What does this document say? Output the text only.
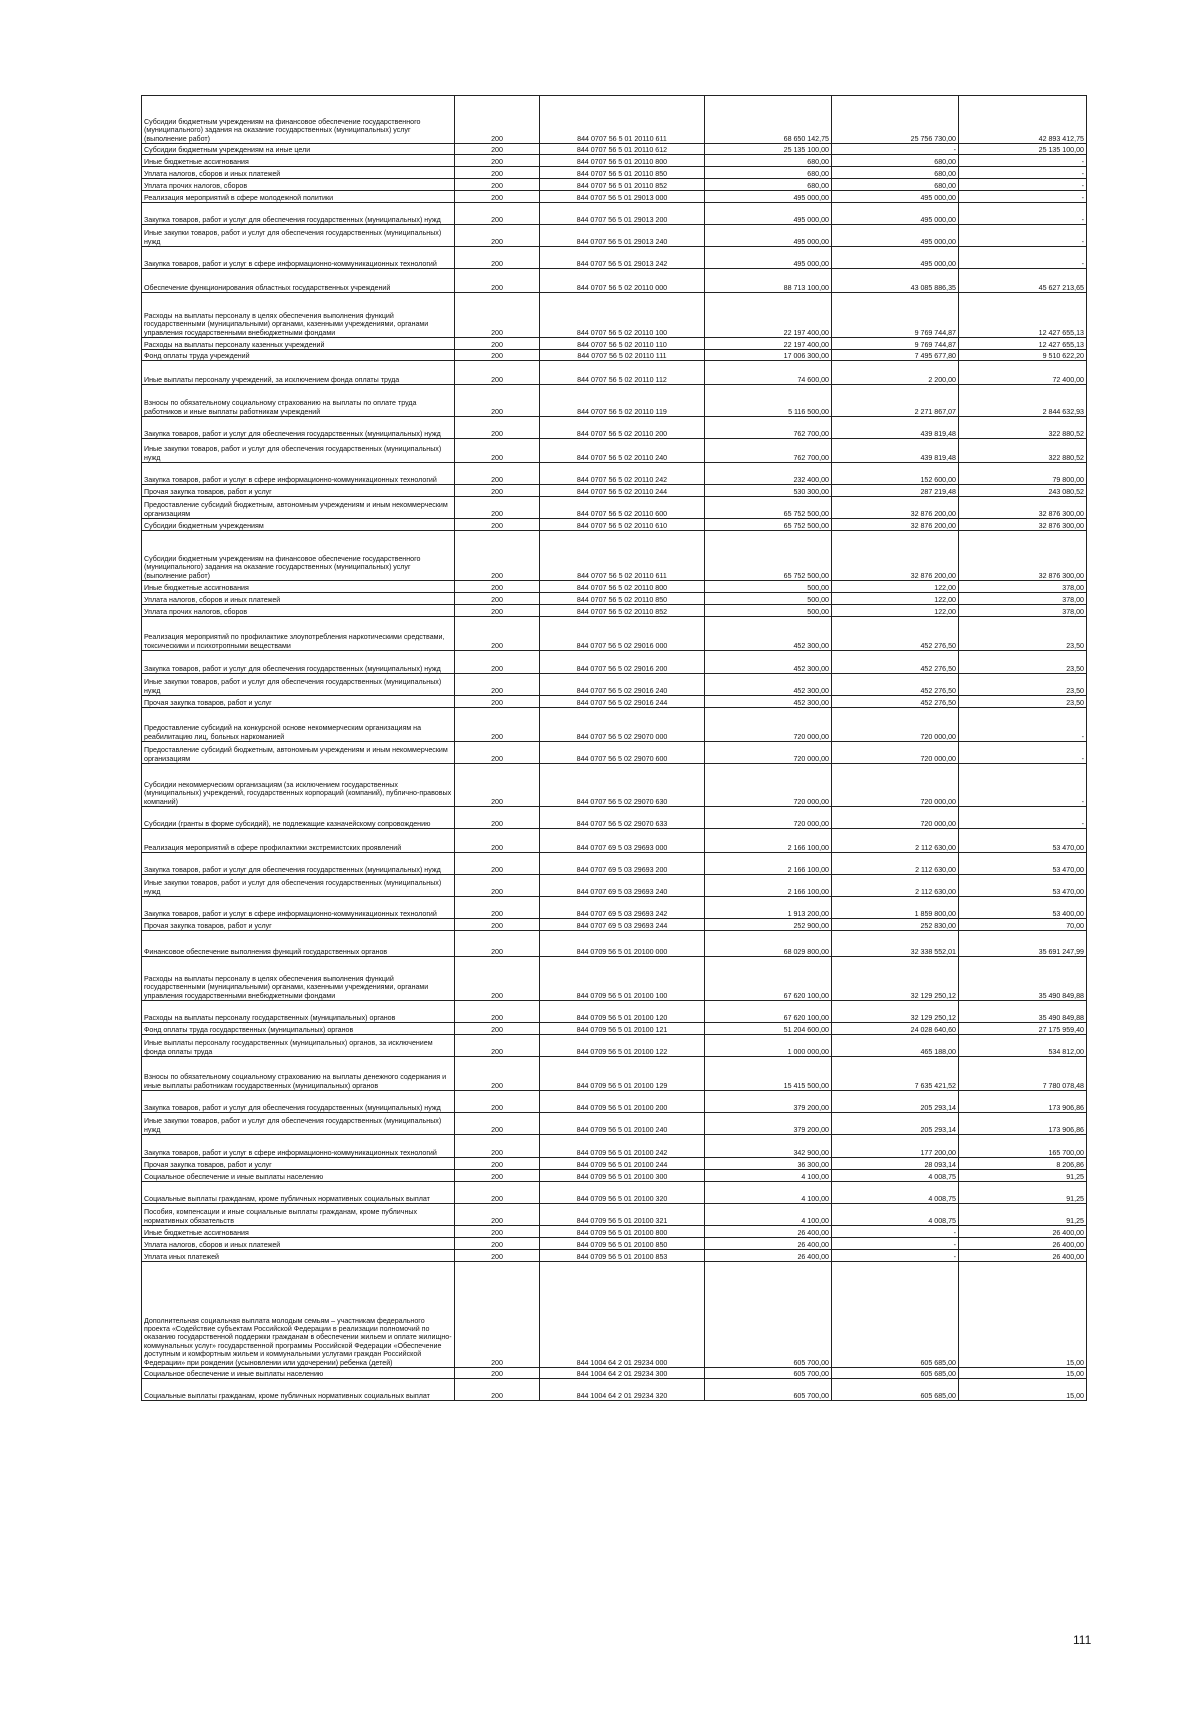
Субсидии бюджетным учреждениям на финансовое обеспечение государственного (муниципального) задания на оказание государственных (муниципальных) услуг (выполнение работ)	200	844 0707 56 5 01 20110 611	68 650 142,75	25 756 730,00	42 893 412,75
Субсидии бюджетным учреждениям на иные цели	200	844 0707 56 5 01 20110 612	25 135 100,00	-	25 135 100,00
Иные бюджетные ассигнования	200	844 0707 56 5 01 20110 800	680,00	680,00	-
Уплата налогов, сборов и иных платежей	200	844 0707 56 5 01 20110 850	680,00	680,00	-
Уплата прочих налогов, сборов	200	844 0707 56 5 01 20110 852	680,00	680,00	-
Реализация мероприятий в сфере молодежной политики	200	844 0707 56 5 01 29013 000	495 000,00	495 000,00	-
Закупка товаров, работ и услуг для обеспечения государственных (муниципальных) нужд	200	844 0707 56 5 01 29013 200	495 000,00	495 000,00	-
Иные закупки товаров, работ и услуг для обеспечения государственных (муниципальных) нужд	200	844 0707 56 5 01 29013 240	495 000,00	495 000,00	-
Закупка товаров, работ и услуг в сфере информационно-коммуникационных технологий	200	844 0707 56 5 01 29013 242	495 000,00	495 000,00	-
Обеспечение функционирования областных государственных учреждений	200	844 0707 56 5 02 20110 000	88 713 100,00	43 085 886,35	45 627 213,65
Расходы на выплаты персоналу в целях обеспечения выполнения функций государственными (муниципальными) органами, казенными учреждениями, органами управления государственными внебюджетными фондами	200	844 0707 56 5 02 20110 100	22 197 400,00	9 769 744,87	12 427 655,13
Расходы на выплаты персоналу казенных учреждений	200	844 0707 56 5 02 20110 110	22 197 400,00	9 769 744,87	12 427 655,13
Фонд оплаты труда учреждений	200	844 0707 56 5 02 20110 111	17 006 300,00	7 495 677,80	9 510 622,20
Иные выплаты персоналу учреждений, за исключением фонда оплаты труда	200	844 0707 56 5 02 20110 112	74 600,00	2 200,00	72 400,00
Взносы по обязательному социальному страхованию на выплаты по оплате труда работников и иные выплаты работникам учреждений	200	844 0707 56 5 02 20110 119	5 116 500,00	2 271 867,07	2 844 632,93
Закупка товаров, работ и услуг для обеспечения государственных (муниципальных) нужд	200	844 0707 56 5 02 20110 200	762 700,00	439 819,48	322 880,52
Иные закупки товаров, работ и услуг для обеспечения государственных (муниципальных) нужд	200	844 0707 56 5 02 20110 240	762 700,00	439 819,48	322 880,52
Закупка товаров, работ и услуг в сфере информационно-коммуникационных технологий	200	844 0707 56 5 02 20110 242	232 400,00	152 600,00	79 800,00
Прочая закупка товаров, работ и услуг	200	844 0707 56 5 02 20110 244	530 300,00	287 219,48	243 080,52
Предоставление субсидий бюджетным, автономным учреждениям и иным некоммерческим организациям	200	844 0707 56 5 02 20110 600	65 752 500,00	32 876 200,00	32 876 300,00
Субсидии бюджетным учреждениям	200	844 0707 56 5 02 20110 610	65 752 500,00	32 876 200,00	32 876 300,00
Субсидии бюджетным учреждениям на финансовое обеспечение государственного (муниципального) задания на оказание государственных (муниципальных) услуг (выполнение работ)	200	844 0707 56 5 02 20110 611	65 752 500,00	32 876 200,00	32 876 300,00
Иные бюджетные ассигнования	200	844 0707 56 5 02 20110 800	500,00	122,00	378,00
Уплата налогов, сборов и иных платежей	200	844 0707 56 5 02 20110 850	500,00	122,00	378,00
Уплата прочих налогов, сборов	200	844 0707 56 5 02 20110 852	500,00	122,00	378,00
Реализация мероприятий по профилактике злоупотребления наркотическими средствами, токсическими и психотропными веществами	200	844 0707 56 5 02 29016 000	452 300,00	452 276,50	23,50
Закупка товаров, работ и услуг для обеспечения государственных (муниципальных) нужд	200	844 0707 56 5 02 29016 200	452 300,00	452 276,50	23,50
Иные закупки товаров, работ и услуг для обеспечения государственных (муниципальных) нужд	200	844 0707 56 5 02 29016 240	452 300,00	452 276,50	23,50
Прочая закупка товаров, работ и услуг	200	844 0707 56 5 02 29016 244	452 300,00	452 276,50	23,50
Предоставление субсидий на конкурсной основе некоммерческим организациям на реабилитацию лиц, больных наркоманией	200	844 0707 56 5 02 29070 000	720 000,00	720 000,00	-
Предоставление субсидий бюджетным, автономным учреждениям и иным некоммерческим организациям	200	844 0707 56 5 02 29070 600	720 000,00	720 000,00	-
Субсидии некоммерческим организациям (за исключением государственных (муниципальных) учреждений, государственных корпораций (компаний), публично-правовых компаний)	200	844 0707 56 5 02 29070 630	720 000,00	720 000,00	-
Субсидии (гранты в форме субсидий), не подлежащие казначейскому сопровождению	200	844 0707 56 5 02 29070 633	720 000,00	720 000,00	-
Реализация мероприятий в сфере профилактики экстремистских проявлений	200	844 0707 69 5 03 29693 000	2 166 100,00	2 112 630,00	53 470,00
Закупка товаров, работ и услуг для обеспечения государственных (муниципальных) нужд	200	844 0707 69 5 03 29693 200	2 166 100,00	2 112 630,00	53 470,00
Иные закупки товаров, работ и услуг для обеспечения государственных (муниципальных) нужд	200	844 0707 69 5 03 29693 240	2 166 100,00	2 112 630,00	53 470,00
Закупка товаров, работ и услуг в сфере информационно-коммуникационных технологий	200	844 0707 69 5 03 29693 242	1 913 200,00	1 859 800,00	53 400,00
Прочая закупка товаров, работ и услуг	200	844 0707 69 5 03 29693 244	252 900,00	252 830,00	70,00
Финансовое обеспечение выполнения функций государственных органов	200	844 0709 56 5 01 20100 000	68 029 800,00	32 338 552,01	35 691 247,99
Расходы на выплаты персоналу в целях обеспечения выполнения функций государственными (муниципальными) органами, казенными учреждениями, органами управления государственными внебюджетными фондами	200	844 0709 56 5 01 20100 100	67 620 100,00	32 129 250,12	35 490 849,88
Расходы на выплаты персоналу государственных (муниципальных) органов	200	844 0709 56 5 01 20100 120	67 620 100,00	32 129 250,12	35 490 849,88
Фонд оплаты труда государственных (муниципальных) органов	200	844 0709 56 5 01 20100 121	51 204 600,00	24 028 640,60	27 175 959,40
Иные выплаты персоналу государственных (муниципальных) органов, за исключением фонда оплаты труда	200	844 0709 56 5 01 20100 122	1 000 000,00	465 188,00	534 812,00
Взносы по обязательному социальному страхованию на выплаты денежного содержания и иные выплаты работникам государственных (муниципальных) органов	200	844 0709 56 5 01 20100 129	15 415 500,00	7 635 421,52	7 780 078,48
Закупка товаров, работ и услуг для обеспечения государственных (муниципальных) нужд	200	844 0709 56 5 01 20100 200	379 200,00	205 293,14	173 906,86
Иные закупки товаров, работ и услуг для обеспечения государственных (муниципальных) нужд	200	844 0709 56 5 01 20100 240	379 200,00	205 293,14	173 906,86
Закупка товаров, работ и услуг в сфере информационно-коммуникационных технологий	200	844 0709 56 5 01 20100 242	342 900,00	177 200,00	165 700,00
Прочая закупка товаров, работ и услуг	200	844 0709 56 5 01 20100 244	36 300,00	28 093,14	8 206,86
Социальное обеспечение и иные выплаты населению	200	844 0709 56 5 01 20100 300	4 100,00	4 008,75	91,25
Социальные выплаты гражданам, кроме публичных нормативных социальных выплат	200	844 0709 56 5 01 20100 320	4 100,00	4 008,75	91,25
Пособия, компенсации и иные социальные выплаты гражданам, кроме публичных нормативных обязательств	200	844 0709 56 5 01 20100 321	4 100,00	4 008,75	91,25
Иные бюджетные ассигнования	200	844 0709 56 5 01 20100 800	26 400,00	-	26 400,00
Уплата налогов, сборов и иных платежей	200	844 0709 56 5 01 20100 850	26 400,00	-	26 400,00
Уплата иных платежей	200	844 0709 56 5 01 20100 853	26 400,00	-	26 400,00
Дополнительная социальная выплата молодым семьям – участникам федерального проекта «Содействие субъектам Российской Федерации в реализации полномочий по оказанию государственной поддержки гражданам в обеспечении жильем и оплате жилищно-коммунальных услуг» государственной программы Российской Федерации «Обеспечение доступным и комфортным жильем и коммунальными услугами граждан Российской Федерации» при рождении (усыновлении или удочерении) ребенка (детей)	200	844 1004 64 2 01 29234 000	605 700,00	605 685,00	15,00
Социальное обеспечение и иные выплаты населению	200	844 1004 64 2 01 29234 300	605 700,00	605 685,00	15,00
Социальные выплаты гражданам, кроме публичных нормативных социальных выплат	200	844 1004 64 2 01 29234 320	605 700,00	605 685,00	15,00
111
